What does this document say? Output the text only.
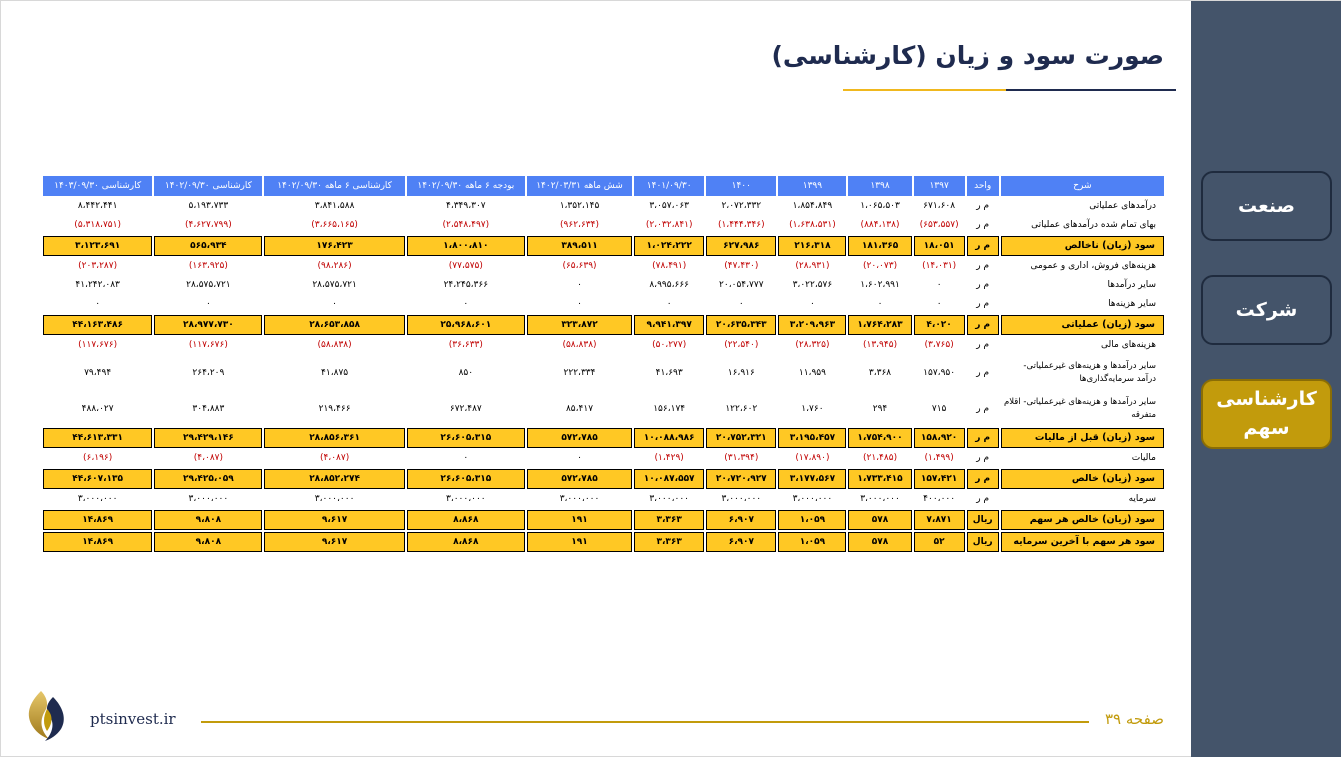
صورت سود و زیان (کارشناسی)
شرح	واحد	۱۳۹۷	۱۳۹۸	۱۳۹۹	۱۴۰۰	۱۴۰۱/۰۹/۳۰	شش ماهه ۱۴۰۲/۰۳/۳۱	بودجه ۶ ماهه ۱۴۰۲/۰۹/۳۰	کارشناسی ۶ ماهه ۱۴۰۲/۰۹/۳۰	کارشناسی ۱۴۰۲/۰۹/۳۰	کارشناسی ۱۴۰۳/۰۹/۳۰
درآمدهای عملیاتی	م ر	۶۷۱،۶۰۸	۱،۰۶۵،۵۰۳	۱،۸۵۴،۸۴۹	۲،۰۷۲،۳۳۲	۳،۰۵۷،۰۶۳	۱،۳۵۲،۱۴۵	۴،۳۴۹،۳۰۷	۳،۸۴۱،۵۸۸	۵،۱۹۳،۷۳۳	۸،۴۴۲،۴۴۱
بهای تمام شده درآمدهای عملیاتی	م ر	(۶۵۳،۵۵۷)	(۸۸۴،۱۳۸)	(۱،۶۳۸،۵۳۱)	(۱،۴۴۴،۳۴۶)	(۲،۰۳۲،۸۴۱)	(۹۶۲،۶۳۴)	(۲،۵۴۸،۴۹۷)	(۳،۶۶۵،۱۶۵)	(۴،۶۲۷،۷۹۹)	(۵،۳۱۸،۷۵۱)
سود (زیان) ناخالص	م ر	۱۸،۰۵۱	۱۸۱،۳۶۵	۲۱۶،۳۱۸	۶۲۷،۹۸۶	۱،۰۲۴،۲۲۲	۳۸۹،۵۱۱	۱،۸۰۰،۸۱۰	۱۷۶،۴۲۳	۵۶۵،۹۳۴	۳،۱۲۳،۶۹۱
هزینه‌های فروش، اداری و عمومی	م ر	(۱۴،۰۳۱)	(۲۰،۰۷۳)	(۲۸،۹۳۱)	(۴۷،۴۳۰)	(۷۸،۴۹۱)	(۶۵،۶۳۹)	(۷۷،۵۷۵)	(۹۸،۲۸۶)	(۱۶۳،۹۲۵)	(۲۰۳،۲۸۷)
سایر درآمدها	م ر	۰	۱،۶۰۲،۹۹۱	۳،۰۲۲،۵۷۶	۲۰،۰۵۴،۷۷۷	۸،۹۹۵،۶۶۶	۰	۲۴،۲۴۵،۳۶۶	۲۸،۵۷۵،۷۲۱	۲۸،۵۷۵،۷۲۱	۴۱،۲۴۲،۰۸۳
سایر هزینه‌ها	م ر	۰	۰	۰	۰	۰	۰	۰	۰	۰	۰
سود (زیان) عملیاتی	م ر	۴،۰۲۰	۱،۷۶۴،۲۸۳	۳،۲۰۹،۹۶۳	۲۰،۶۳۵،۳۴۳	۹،۹۴۱،۳۹۷	۳۲۳،۸۷۲	۲۵،۹۶۸،۶۰۱	۲۸،۶۵۳،۸۵۸	۲۸،۹۷۷،۷۳۰	۴۴،۱۶۳،۴۸۶
هزینه‌های مالی	م ر	(۳،۷۶۵)	(۱۳،۹۴۵)	(۲۸،۳۲۵)	(۲۲،۵۴۰)	(۵۰،۲۷۷)	(۵۸،۸۳۸)	(۳۶،۶۳۳)	(۵۸،۸۳۸)	(۱۱۷،۶۷۶)	(۱۱۷،۶۷۶)
سایر درآمدها و هزینه‌های غیرعملیاتی- درآمد سرمایه‌گذاری‌ها	م ر	۱۵۷،۹۵۰	۳،۳۶۸	۱۱،۹۵۹	۱۶،۹۱۶	۴۱،۶۹۳	۲۲۲،۳۳۴	۸۵۰	۴۱،۸۷۵	۲۶۴،۲۰۹	۷۹،۴۹۴
سایر درآمدها و هزینه‌های غیرعملیاتی- اقلام متفرقه	م ر	۷۱۵	۲۹۴	۱،۷۶۰	۱۲۲،۶۰۲	۱۵۶،۱۷۴	۸۵،۴۱۷	۶۷۲،۴۸۷	۲۱۹،۴۶۶	۳۰۴،۸۸۳	۴۸۸،۰۲۷
سود (زیان) قبل از مالیات	م ر	۱۵۸،۹۲۰	۱،۷۵۴،۹۰۰	۳،۱۹۵،۴۵۷	۲۰،۷۵۲،۳۲۱	۱۰،۰۸۸،۹۸۶	۵۷۲،۷۸۵	۲۶،۶۰۵،۳۱۵	۲۸،۸۵۶،۳۶۱	۲۹،۴۲۹،۱۴۶	۴۴،۶۱۳،۳۳۱
مالیات	م ر	(۱،۴۹۹)	(۲۱،۴۸۵)	(۱۷،۸۹۰)	(۳۱،۳۹۴)	(۱،۴۲۹)	۰	۰	(۴،۰۸۷)	(۴،۰۸۷)	(۶،۱۹۶)
سود (زیان) خالص	م ر	۱۵۷،۴۲۱	۱،۷۳۳،۴۱۵	۳،۱۷۷،۵۶۷	۲۰،۷۲۰،۹۲۷	۱۰،۰۸۷،۵۵۷	۵۷۲،۷۸۵	۲۶،۶۰۵،۳۱۵	۲۸،۸۵۲،۲۷۴	۲۹،۴۲۵،۰۵۹	۴۴،۶۰۷،۱۳۵
سرمایه	م ر	۴۰۰،۰۰۰	۳،۰۰۰،۰۰۰	۳،۰۰۰،۰۰۰	۳،۰۰۰،۰۰۰	۳،۰۰۰،۰۰۰	۳،۰۰۰،۰۰۰	۳،۰۰۰،۰۰۰	۳،۰۰۰،۰۰۰	۳،۰۰۰،۰۰۰	۳،۰۰۰،۰۰۰
سود (زیان) خالص هر سهم	ریال	۷،۸۷۱	۵۷۸	۱،۰۵۹	۶،۹۰۷	۳،۳۶۳	۱۹۱	۸،۸۶۸	۹،۶۱۷	۹،۸۰۸	۱۴،۸۶۹
سود هر سهم با آخرین سرمایه	ریال	۵۲	۵۷۸	۱،۰۵۹	۶،۹۰۷	۳،۳۶۳	۱۹۱	۸،۸۶۸	۹،۶۱۷	۹،۸۰۸	۱۴،۸۶۹
صنعت
شرکت
کارشناسی
سهم
ptsinvest.ir	صفحه ۳۹
